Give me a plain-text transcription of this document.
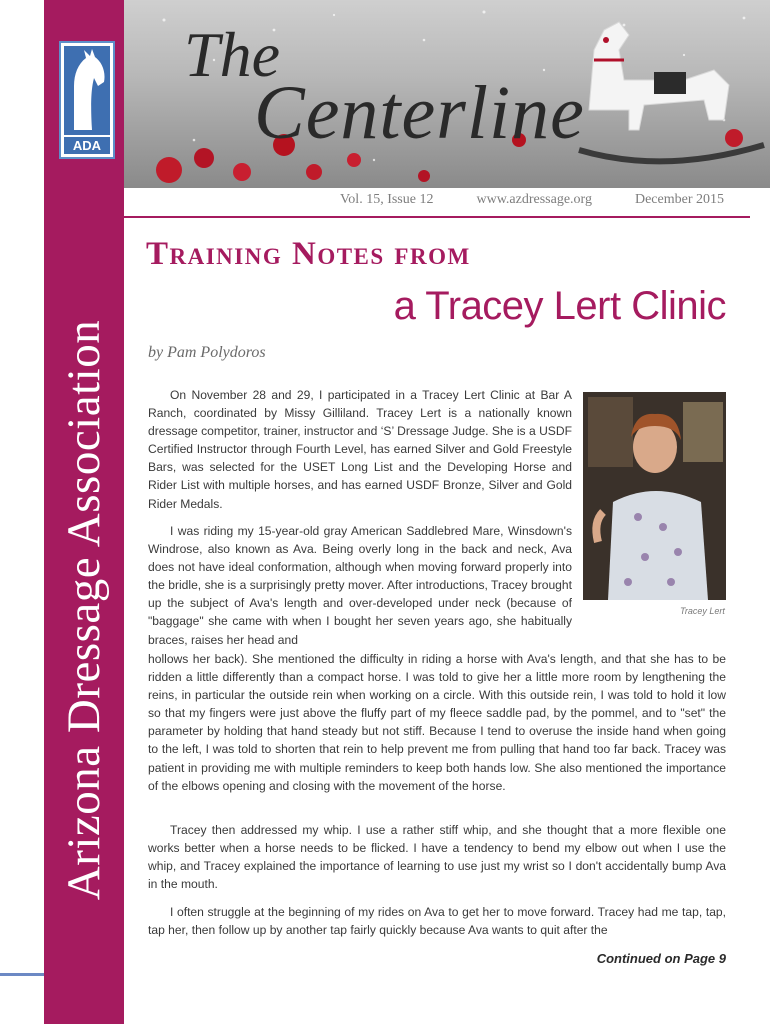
Arizona Dressage Association
ADA
The
Centerline
Vol. 15, Issue 12	www.azdressage.org	December 2015
Training Notes from
a Tracey Lert Clinic
by Pam Polydoros
Tracey Lert
On November 28 and 29, I participated in a Tracey Lert Clinic at Bar A Ranch, coordinated by Missy Gilliland. Tracey Lert is a nationally known dressage competitor, trainer, instructor and ‘S’ Dressage Judge. She is a USDF Certified Instructor through Fourth Level, has earned Silver and Gold Freestyle Bars, was selected for the USET Long List and the Developing Horse and Rider List with multiple horses, and has earned USDF Bronze, Silver and Gold Rider Medals.
I was riding my 15-year-old gray American Saddlebred Mare, Winsdown's Windrose, also known as Ava. Being overly long in the back and neck, Ava does not have ideal conformation, although when moving forward properly into the bridle, she is a surprisingly pretty mover. After introductions, Tracey brought up the subject of Ava's length and over-developed under neck (because of "baggage" she came with when I bought her seven years ago, she habitually braces, raises her head and
hollows her back). She mentioned the difficulty in riding a horse with Ava's length, and that she has to be ridden a little differently than a compact horse. I was told to give her a little more room by lengthening the reins, in particular the outside rein when working on a circle. With this outside rein, I was told to hold it low so that my fingers were just above the fluffy part of my fleece saddle pad, by the pommel, and to "set" the parameter by holding that hand steady but not stiff. Because I tend to overuse the inside hand when going to the left, I was told to shorten that rein to help prevent me from pulling that hand too far back. Tracey was patient in providing me with multiple reminders to keep both hands low. She also mentioned the importance of the elbows opening and closing with the movement of the horse.
Tracey then addressed my whip. I use a rather stiff whip, and she thought that a more flexible one works better when a horse needs to be flicked. I have a tendency to bend my elbow out when I use the whip, and Tracey explained the importance of learning to use just my wrist so I don't accidentally bump Ava in the mouth.
I often struggle at the beginning of my rides on Ava to get her to move forward. Tracey had me tap, tap, tap her, then follow up by another tap fairly quickly because Ava wants to quit after the
Continued on Page 9
